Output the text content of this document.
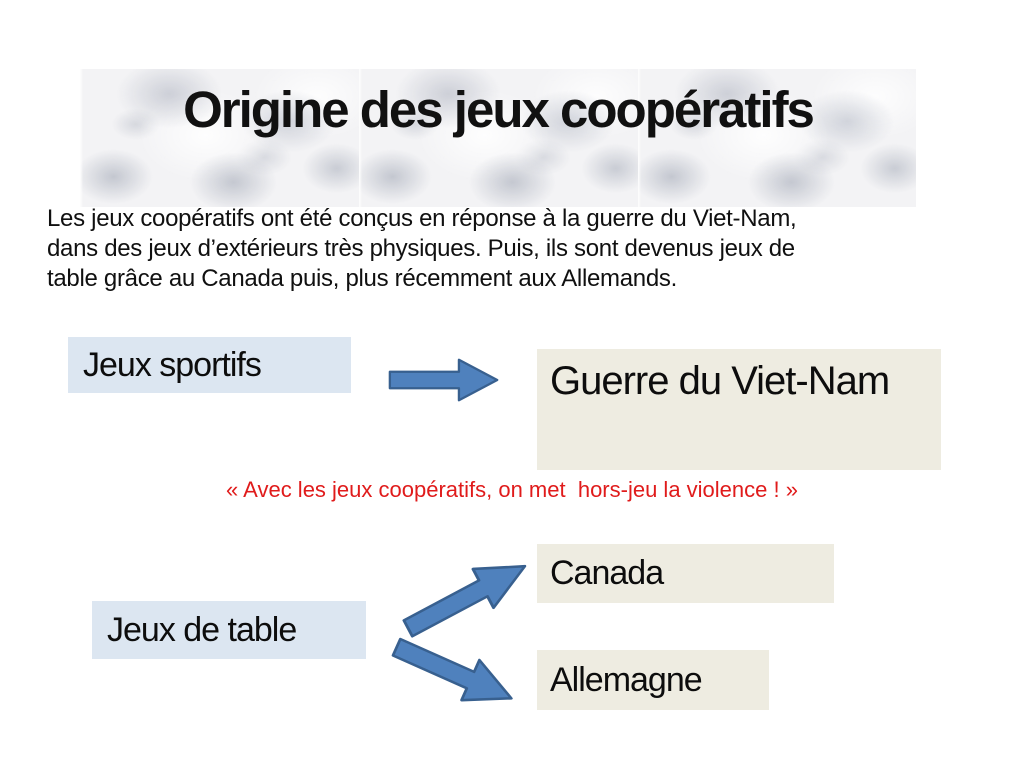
Origine des jeux coopératifs
Les jeux coopératifs ont été conçus en réponse à la guerre du Viet-Nam,
dans des jeux d’extérieurs très physiques. Puis, ils sont devenus jeux de
table grâce au Canada puis, plus récemment aux Allemands.
Jeux sportifs	Guerre du Viet-Nam
« Avec les jeux coopératifs, on met  hors-jeu la violence ! »
Canada
Jeux de table
Allemagne
